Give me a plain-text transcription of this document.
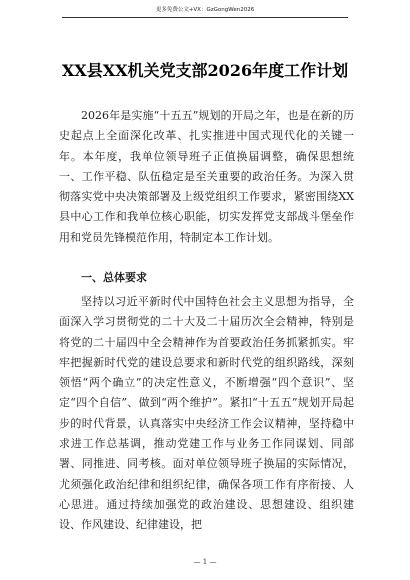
更多免费公文+VX：GzGongWen2026
XX县XX机关党支部2026年度工作计划

2026年是实施“十五五”规划的开局之年，也是在新的历史起点上全面深化改革、扎实推进中国式现代化的关键一年。本年度，我单位领导班子正值换届调整，确保思想统一、工作平稳、队伍稳定是至关重要的政治任务。为深入贯彻落实党中央决策部署及上级党组织工作要求，紧密围绕XX县中心工作和我单位核心职能，切实发挥党支部战斗堡垒作用和党员先锋模范作用，特制定本工作计划。

一、总体要求

坚持以习近平新时代中国特色社会主义思想为指导，全面深入学习贯彻党的二十大及二十届历次全会精神，特别是将党的二十届四中全会精神作为首要政治任务抓紧抓实。牢牢把握新时代党的建设总要求和新时代党的组织路线，深刻领悟“两个确立”的决定性意义，不断增强“四个意识”、坚定“四个自信”、做到“两个维护”。紧扣“十五五”规划开局起步的时代背景，认真落实中央经济工作会议精神，坚持稳中求进工作总基调，推动党建工作与业务工作同谋划、同部署、同推进、同考核。面对单位领导班子换届的实际情况，尤须强化政治纪律和组织纪律，确保各项工作有序衔接、人心思进。通过持续加强党的政治建设、思想建设、组织建设、作风建设、纪律建设，把

— 1 —
